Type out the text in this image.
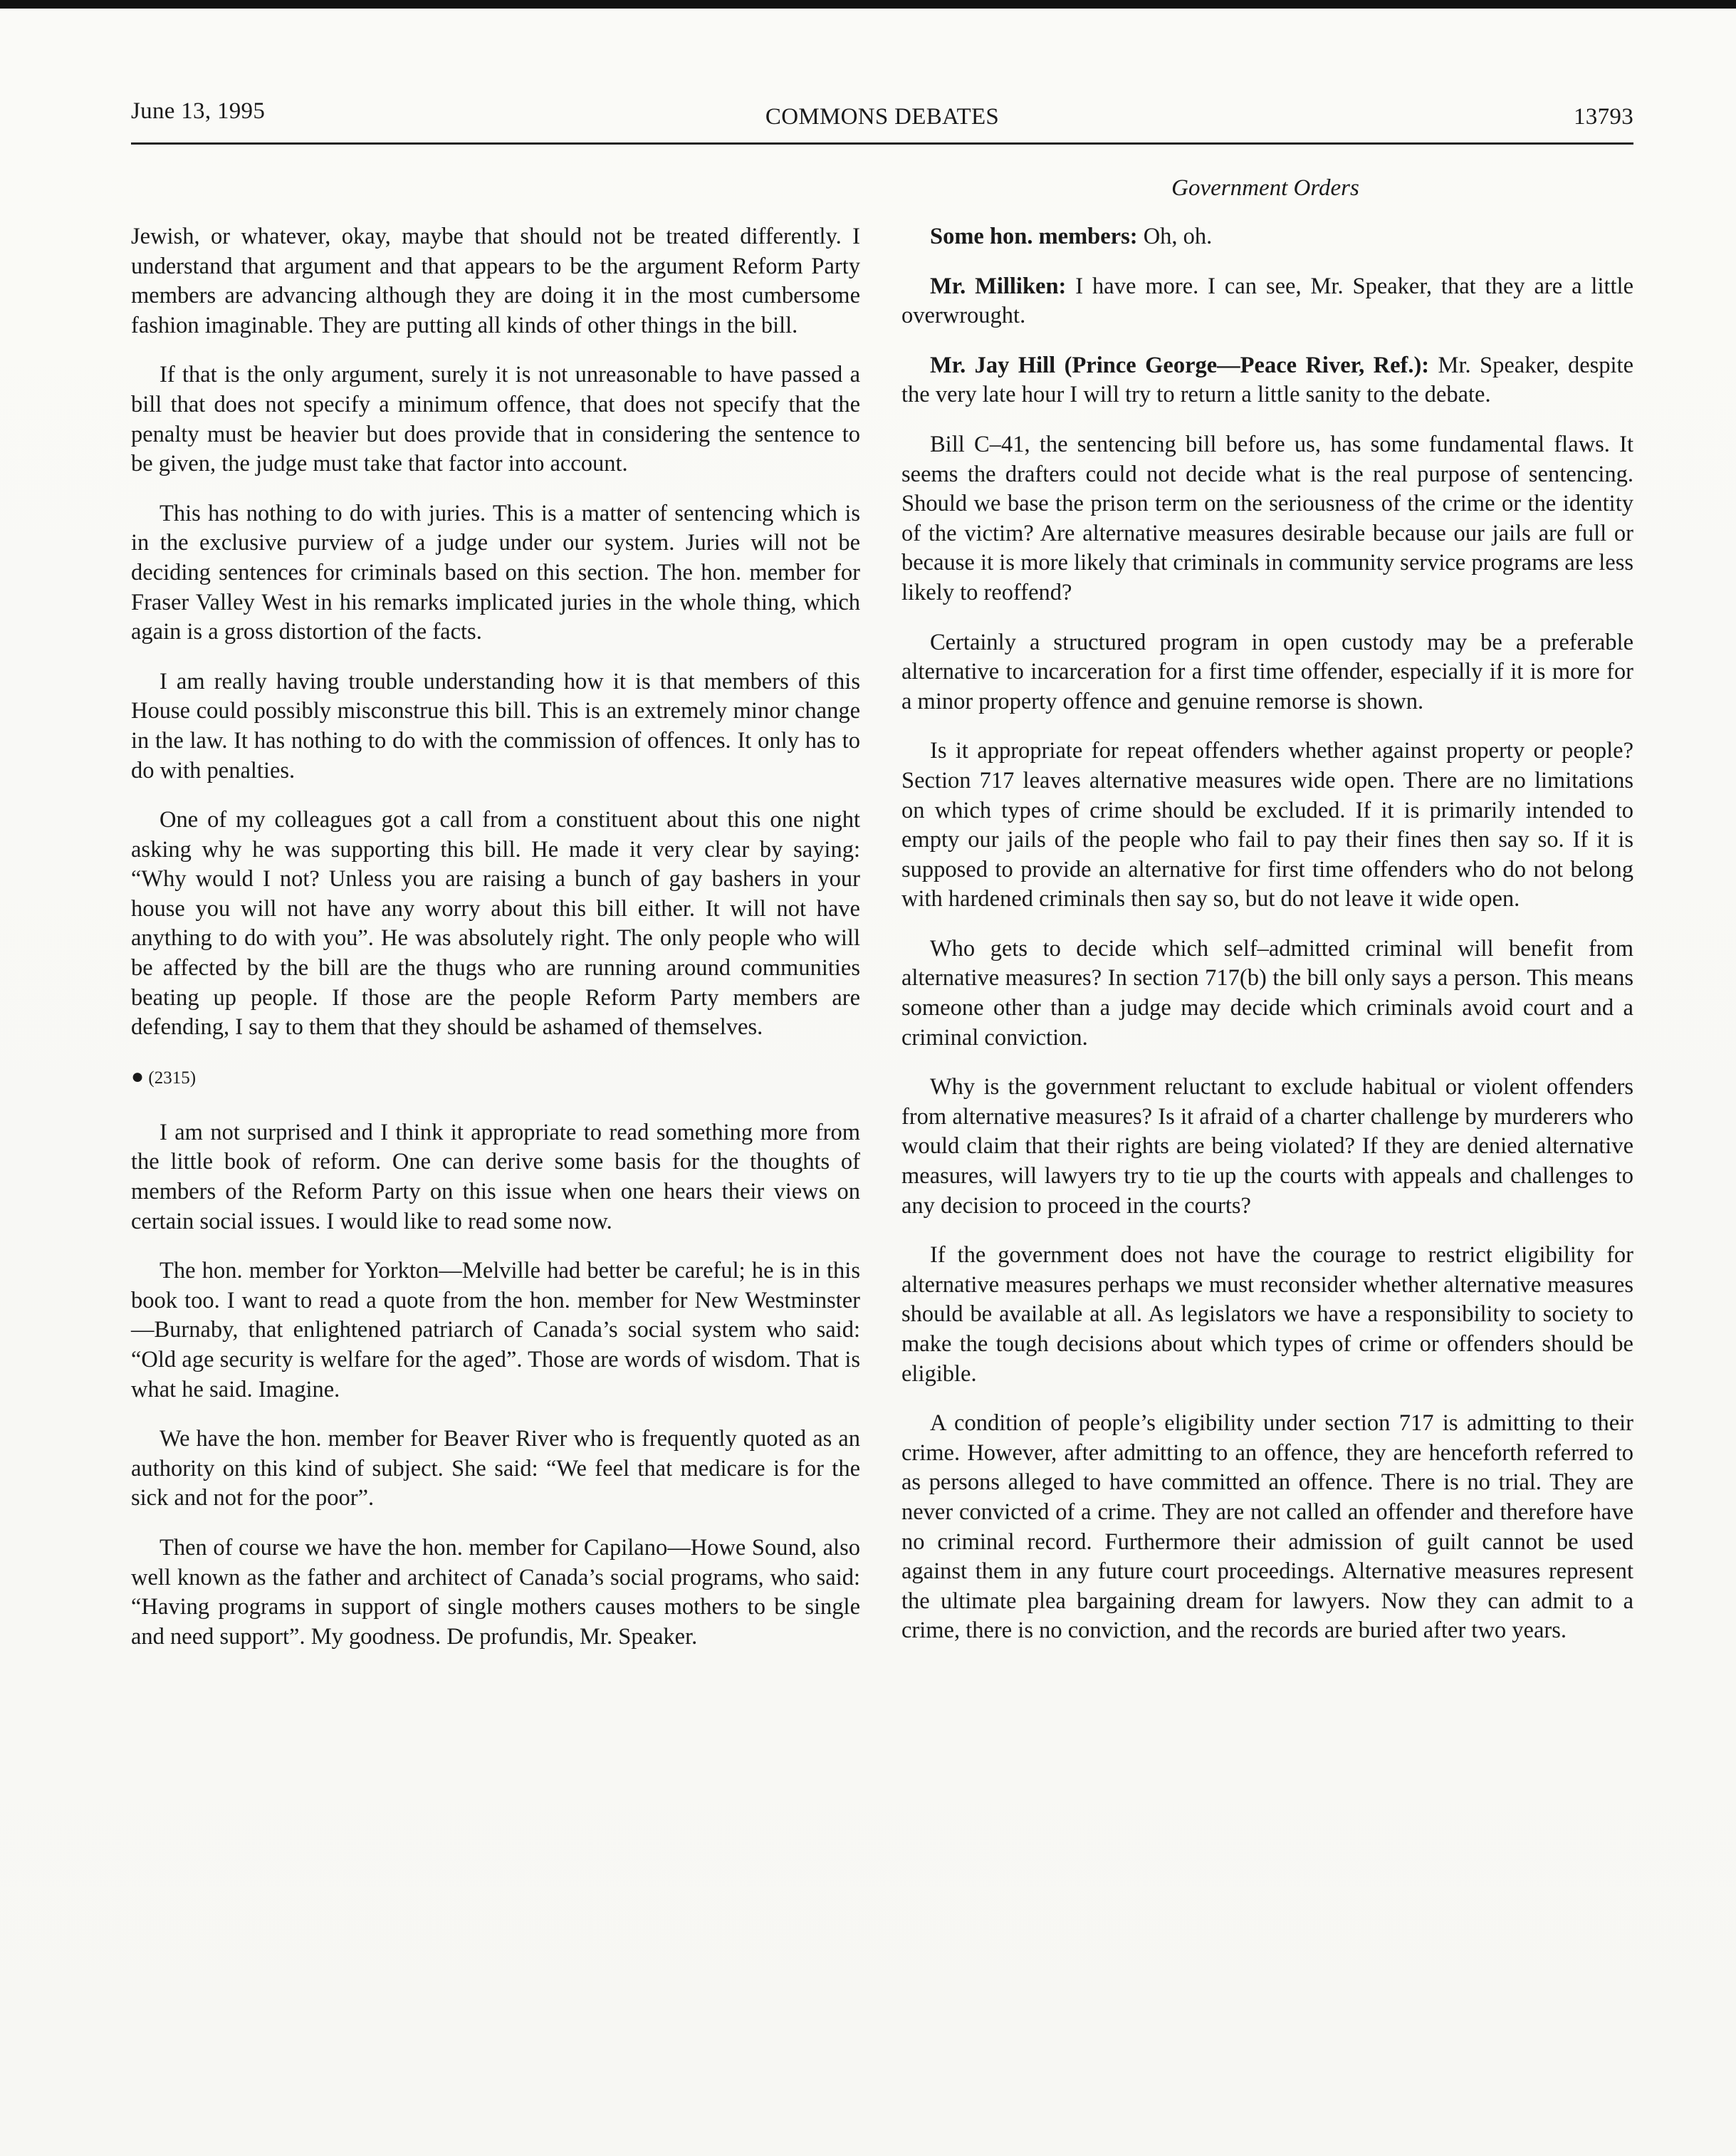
June 13, 1995	COMMONS DEBATES	13793
Government Orders

Jewish, or whatever, okay, maybe that should not be treated differently. I understand that argument and that appears to be the argument Reform Party members are advancing although they are doing it in the most cumbersome fashion imaginable. They are putting all kinds of other things in the bill.

If that is the only argument, surely it is not unreasonable to have passed a bill that does not specify a minimum offence, that does not specify that the penalty must be heavier but does provide that in considering the sentence to be given, the judge must take that factor into account.

This has nothing to do with juries. This is a matter of sentencing which is in the exclusive purview of a judge under our system. Juries will not be deciding sentences for criminals based on this section. The hon. member for Fraser Valley West in his remarks implicated juries in the whole thing, which again is a gross distortion of the facts.

I am really having trouble understanding how it is that members of this House could possibly misconstrue this bill. This is an extremely minor change in the law. It has nothing to do with the commission of offences. It only has to do with penalties.

One of my colleagues got a call from a constituent about this one night asking why he was supporting this bill. He made it very clear by saying: “Why would I not? Unless you are raising a bunch of gay bashers in your house you will not have any worry about this bill either. It will not have anything to do with you”. He was absolutely right. The only people who will be affected by the bill are the thugs who are running around communities beating up people. If those are the people Reform Party members are defending, I say to them that they should be ashamed of themselves.

● (2315)

I am not surprised and I think it appropriate to read something more from the little book of reform. One can derive some basis for the thoughts of members of the Reform Party on this issue when one hears their views on certain social issues. I would like to read some now.

The hon. member for Yorkton—Melville had better be careful; he is in this book too. I want to read a quote from the hon. member for New Westminster—Burnaby, that enlightened patriarch of Canada’s social system who said: “Old age security is welfare for the aged”. Those are words of wisdom. That is what he said. Imagine.

We have the hon. member for Beaver River who is frequently quoted as an authority on this kind of subject. She said: “We feel that medicare is for the sick and not for the poor”.

Then of course we have the hon. member for Capilano—Howe Sound, also well known as the father and architect of Canada’s social programs, who said: “Having programs in support of single mothers causes mothers to be single and need support”. My goodness. De profundis, Mr. Speaker.

Some hon. members: Oh, oh.

Mr. Milliken: I have more. I can see, Mr. Speaker, that they are a little overwrought.

Mr. Jay Hill (Prince George—Peace River, Ref.): Mr. Speaker, despite the very late hour I will try to return a little sanity to the debate.

Bill C–41, the sentencing bill before us, has some fundamental flaws. It seems the drafters could not decide what is the real purpose of sentencing. Should we base the prison term on the seriousness of the crime or the identity of the victim? Are alternative measures desirable because our jails are full or because it is more likely that criminals in community service programs are less likely to reoffend?

Certainly a structured program in open custody may be a preferable alternative to incarceration for a first time offender, especially if it is more for a minor property offence and genuine remorse is shown.

Is it appropriate for repeat offenders whether against property or people? Section 717 leaves alternative measures wide open. There are no limitations on which types of crime should be excluded. If it is primarily intended to empty our jails of the people who fail to pay their fines then say so. If it is supposed to provide an alternative for first time offenders who do not belong with hardened criminals then say so, but do not leave it wide open.

Who gets to decide which self–admitted criminal will benefit from alternative measures? In section 717(b) the bill only says a person. This means someone other than a judge may decide which criminals avoid court and a criminal conviction.

Why is the government reluctant to exclude habitual or violent offenders from alternative measures? Is it afraid of a charter challenge by murderers who would claim that their rights are being violated? If they are denied alternative measures, will lawyers try to tie up the courts with appeals and challenges to any decision to proceed in the courts?

If the government does not have the courage to restrict eligibility for alternative measures perhaps we must reconsider whether alternative measures should be available at all. As legislators we have a responsibility to society to make the tough decisions about which types of crime or offenders should be eligible.

A condition of people’s eligibility under section 717 is admitting to their crime. However, after admitting to an offence, they are henceforth referred to as persons alleged to have committed an offence. There is no trial. They are never convicted of a crime. They are not called an offender and therefore have no criminal record. Furthermore their admission of guilt cannot be used against them in any future court proceedings. Alternative measures represent the ultimate plea bargaining dream for lawyers. Now they can admit to a crime, there is no conviction, and the records are buried after two years.
